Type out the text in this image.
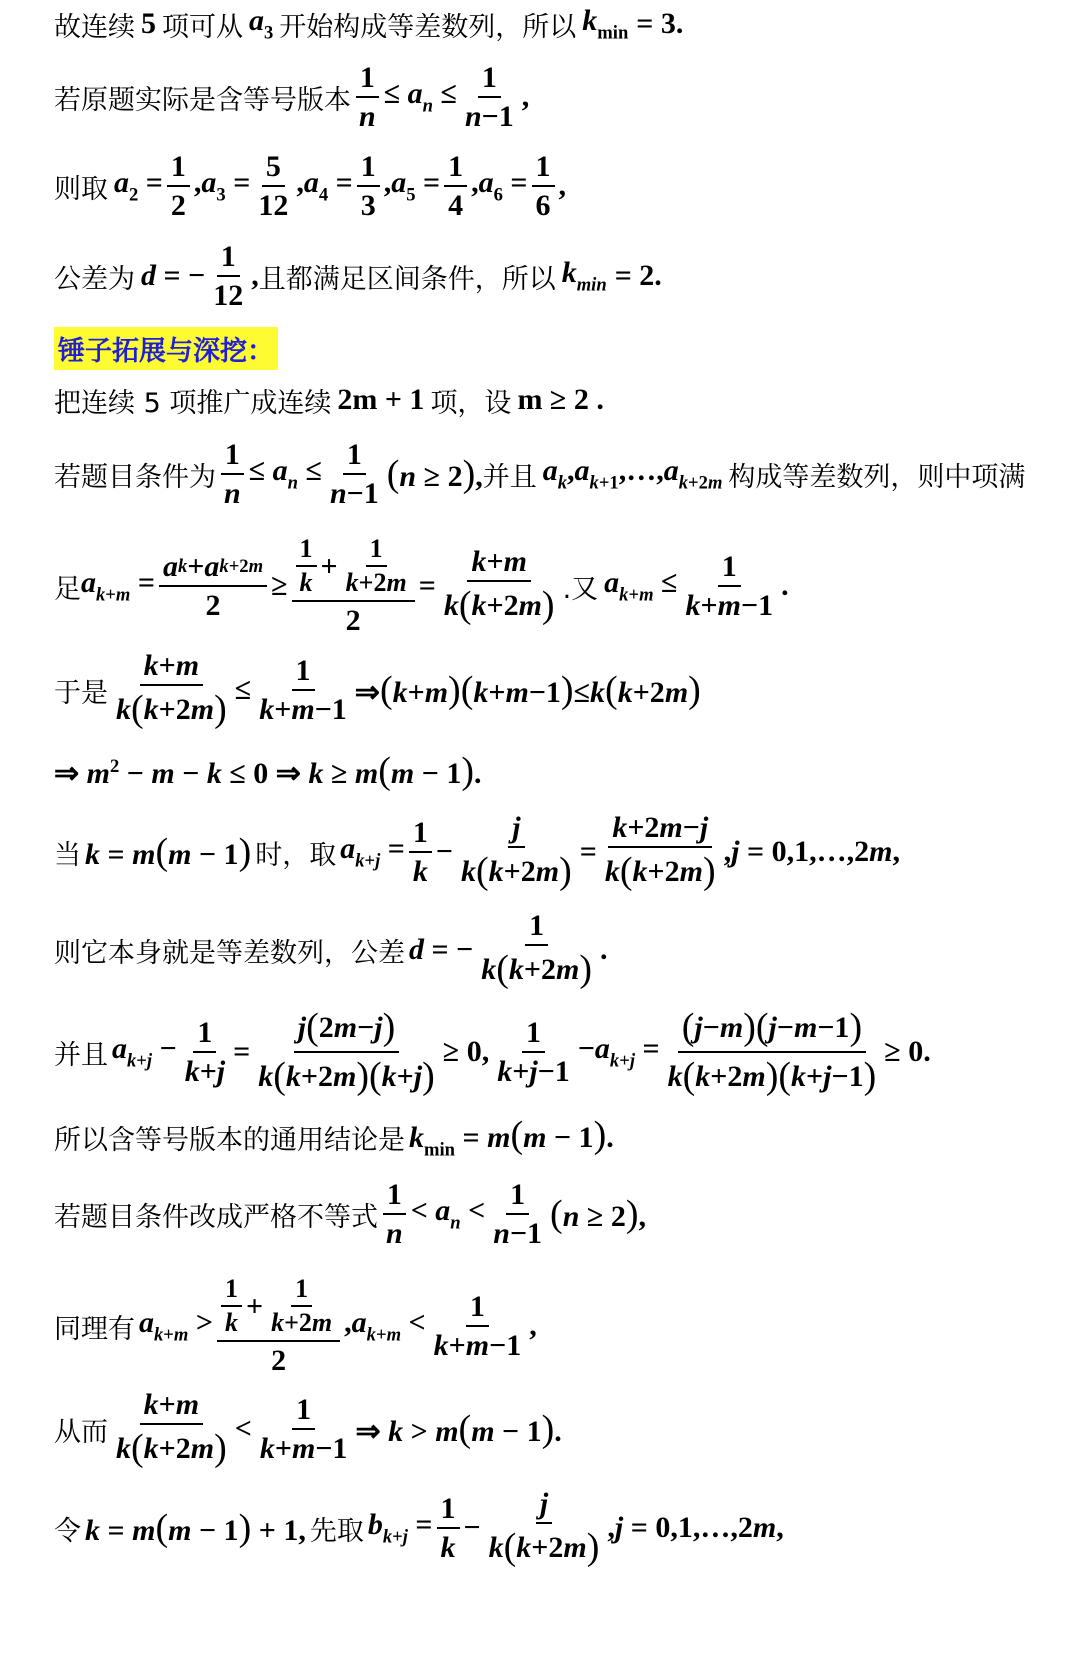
故连续 5 项可从 $a_3$ 开始构成等差数列，所以 $k_{min} = 3$.
若原题实际是含等号版本 $\frac{1}{n} \le a_n \le \frac{1}{n -1}$ ,
则取 $a_2 = \frac{1}{2} ,a_3 = \frac{5}{12} ,a_4 = \frac{1}{3} ,a_5 = \frac{1}{4} ,a_6 = \frac{1}{6}$ ,
公差为 d = − $\frac{1}{12}$ , 且都满足区间条件，所以 $k_{min} = 2$.
锤子拓展与深挖：
把连续 5 项推广成连续 2m + 1 项，设 m ≥ 2 .
若题目条件为 $\frac{1}{n} \le a_n \le \frac{1}{n -1} (n \ge 2)$, 并且 $a_k,a_{k+1},\dots,a_{k+2m}$ 构成等差数列，则中项满
足 $a_{k+m} = \frac{\text{a k + a k+2m}}{2} \ge \frac{\frac{1}{k} + \frac{1}{k +2 m}}{2} = \frac{k + m}{k ( k +2 m )}$ .又 $a_{k+m} \le \frac{1}{k + m -1}$ .
于是 $\frac{k + m}{k ( k +2 m )} \le \frac{1}{k + m -1}$ ⇒(k+m)(k+m−1)≤k(k+2m)
⇒ $m^2 - m - k \le 0$ ⇒ k ≥ m(m − 1).
当 k = m(m − 1) 时，取 $a_{k+j} = \frac{1}{k} - \frac{j}{k ( k +2 m )} = \frac{k +2 m - j}{k ( k +2 m )} ,j$ = 0,1,…,2m,
则它本身就是等差数列，公差 d = − $\frac{1}{k ( k +2 m )}$ .
并且 $a_{k+j} - \frac{1}{k + j} = \frac{j ( 2 m - j )}{k ( k +2 m )( k + j )} \ge 0$, $\frac{1}{k + j -1} -a_{k+j} = \frac{( j - m )( j - m -1 )}{k ( k +2 m )( k + j -1 )} \ge 0$.
所以含等号版本的通用结论是 $k_{min} = m(m - 1)$.
若题目条件改成严格不等式 $\frac{1}{n} < a_n < \frac{1}{n -1} (n \ge 2)$,
同理有 $a_{k+m} > \frac{\frac{1}{k} + \frac{1}{k +2 m}}{2} ,a_{k+m} < \frac{1}{k + m -1}$ ,
从而 $\frac{k + m}{k ( k +2 m )} < \frac{1}{k + m -1}$ ⇒ k > m(m − 1).
令 k = m(m − 1) + 1, 先取 $b_{k+j} = \frac{1}{k} - \frac{j}{k ( k +2 m )} ,j$ = 0,1,…,2m,
